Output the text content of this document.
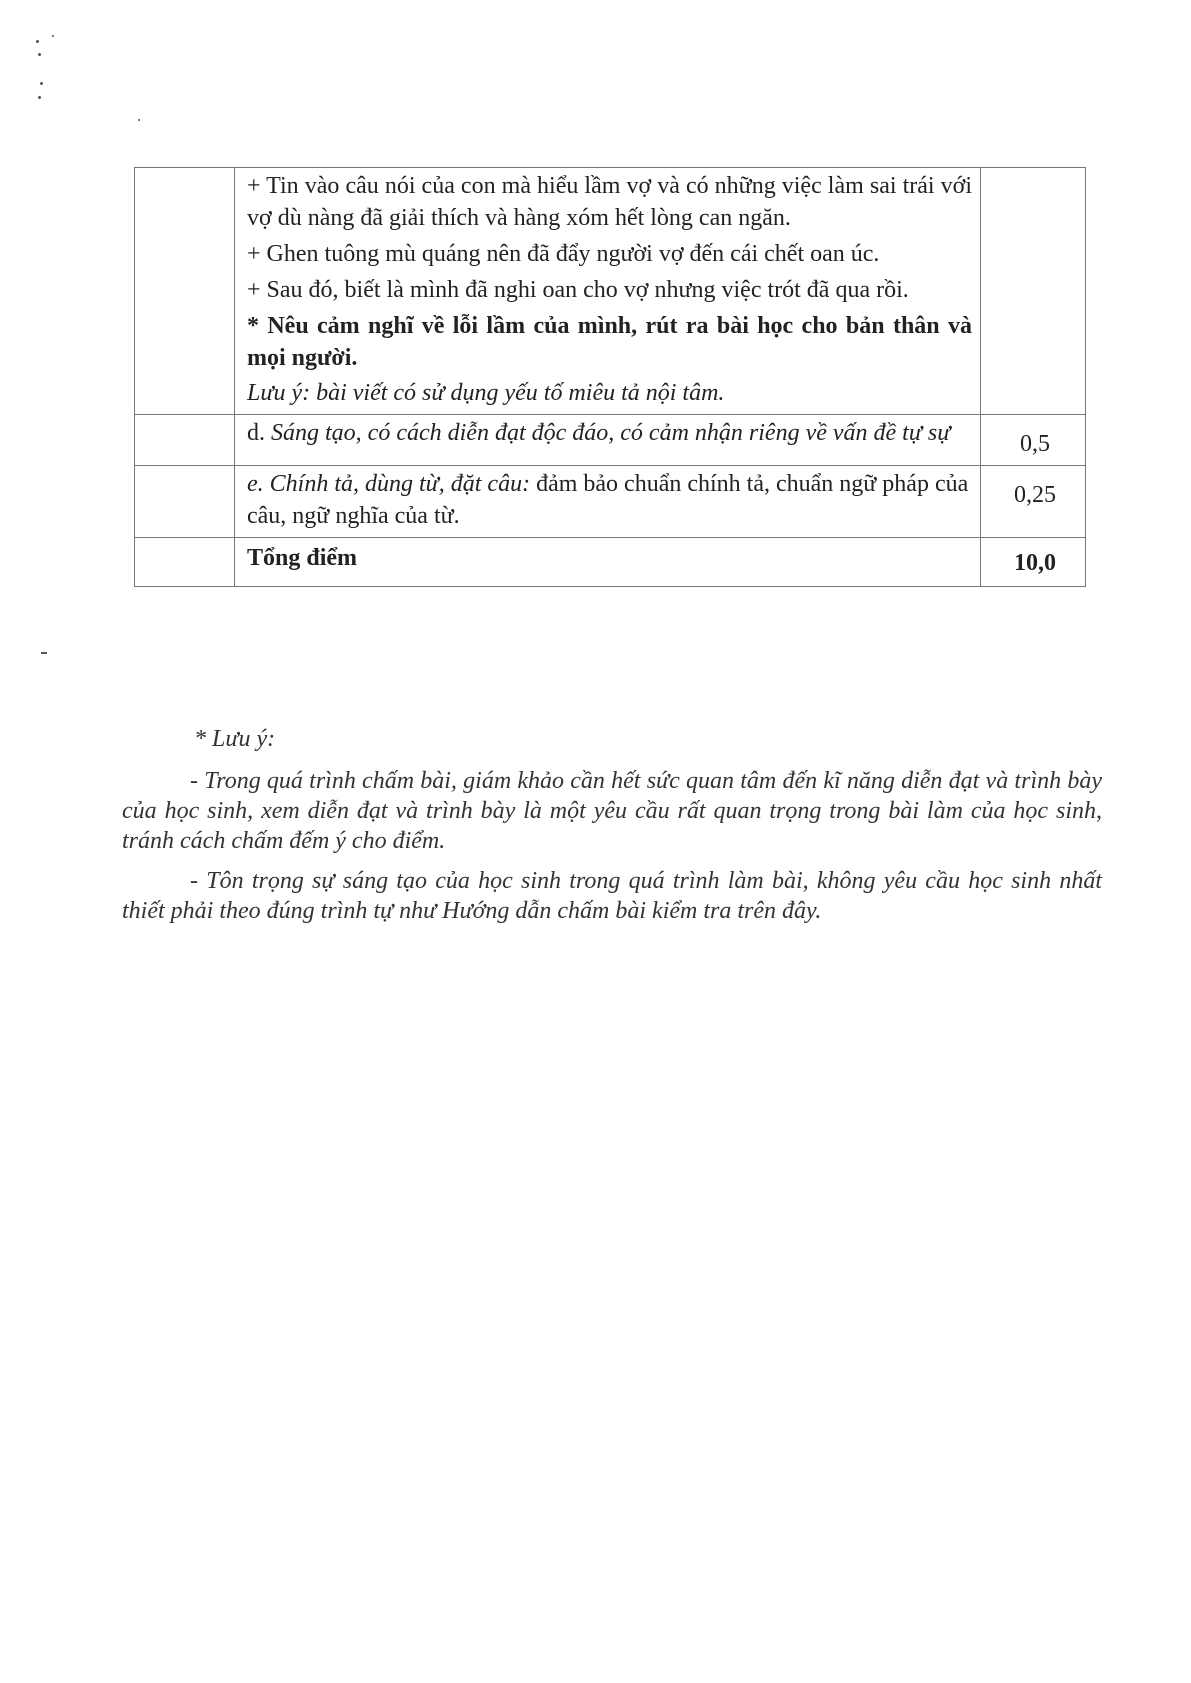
	+ Tin vào câu nói của con mà hiểu lầm vợ và có những việc làm sai trái với vợ dù nàng đã giải thích và hàng xóm hết lòng can ngăn.

+ Ghen tuông mù quáng nên đã đẩy người vợ đến cái chết oan úc.

+ Sau đó, biết là mình đã nghi oan cho vợ nhưng việc trót đã qua rồi.

* Nêu cảm nghĩ về lỗi lầm của mình, rút ra bài học cho bản thân và mọi người.

Lưu ý: bài viết có sử dụng yếu tố miêu tả nội tâm.	

	d. Sáng tạo, có cách diễn đạt độc đáo, có cảm nhận riêng về vấn đề tự sự	0,5
	e. Chính tả, dùng từ, đặt câu: đảm bảo chuẩn chính tả, chuẩn ngữ pháp của câu, ngữ nghĩa của từ.	0,25
	Tổng điểm	10,0

* Lưu ý:

- Trong quá trình chấm bài, giám khảo cần hết sức quan tâm đến kĩ năng diễn đạt và trình bày của học sinh, xem diễn đạt và trình bày là một yêu cầu rất quan trọng trong bài làm của học sinh, tránh cách chấm đếm ý cho điểm.

- Tôn trọng sự sáng tạo của học sinh trong quá trình làm bài, không yêu cầu học sinh nhất thiết phải theo đúng trình tự như Hướng dẫn chấm bài kiểm tra trên đây.
